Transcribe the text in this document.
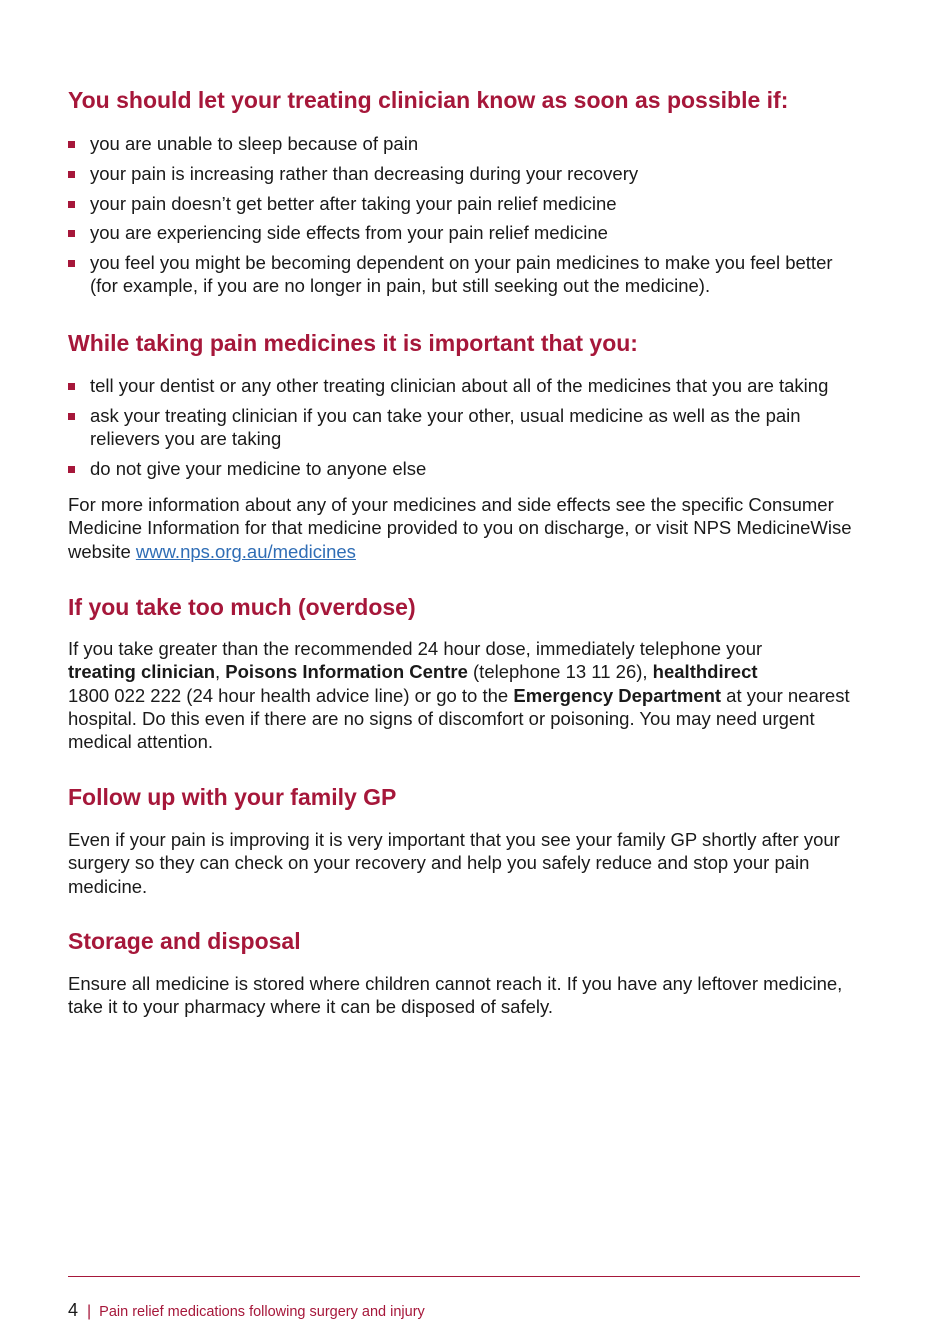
You should let your treating clinician know as soon as possible if:
you are unable to sleep because of pain
your pain is increasing rather than decreasing during your recovery
your pain doesn’t get better after taking your pain relief medicine
you are experiencing side effects from your pain relief medicine
you feel you might be becoming dependent on your pain medicines to make you feel better (for example, if you are no longer in pain, but still seeking out the medicine).
While taking pain medicines it is important that you:
tell your dentist or any other treating clinician about all of the medicines that you are taking
ask your treating clinician if you can take your other, usual medicine as well as the pain relievers you are taking
do not give your medicine to anyone else

For more information about any of your medicines and side effects see the specific Consumer Medicine Information for that medicine provided to you on discharge, or visit NPS MedicineWise website www.nps.org.au/medicines

If you take too much (overdose)

If you take greater than the recommended 24 hour dose, immediately telephone your
treating clinician, Poisons Information Centre (telephone 13 11 26), healthdirect
1800 022 222 (24 hour health advice line) or go to the Emergency Department at your nearest hospital. Do this even if there are no signs of discomfort or poisoning. You may need urgent medical attention.

Follow up with your family GP

Even if your pain is improving it is very important that you see your family GP shortly after your surgery so they can check on your recovery and help you safely reduce and stop your pain medicine.

Storage and disposal

Ensure all medicine is stored where children cannot reach it. If you have any leftover medicine, take it to your pharmacy where it can be disposed of safely.

4 | Pain relief medications following surgery and injury
